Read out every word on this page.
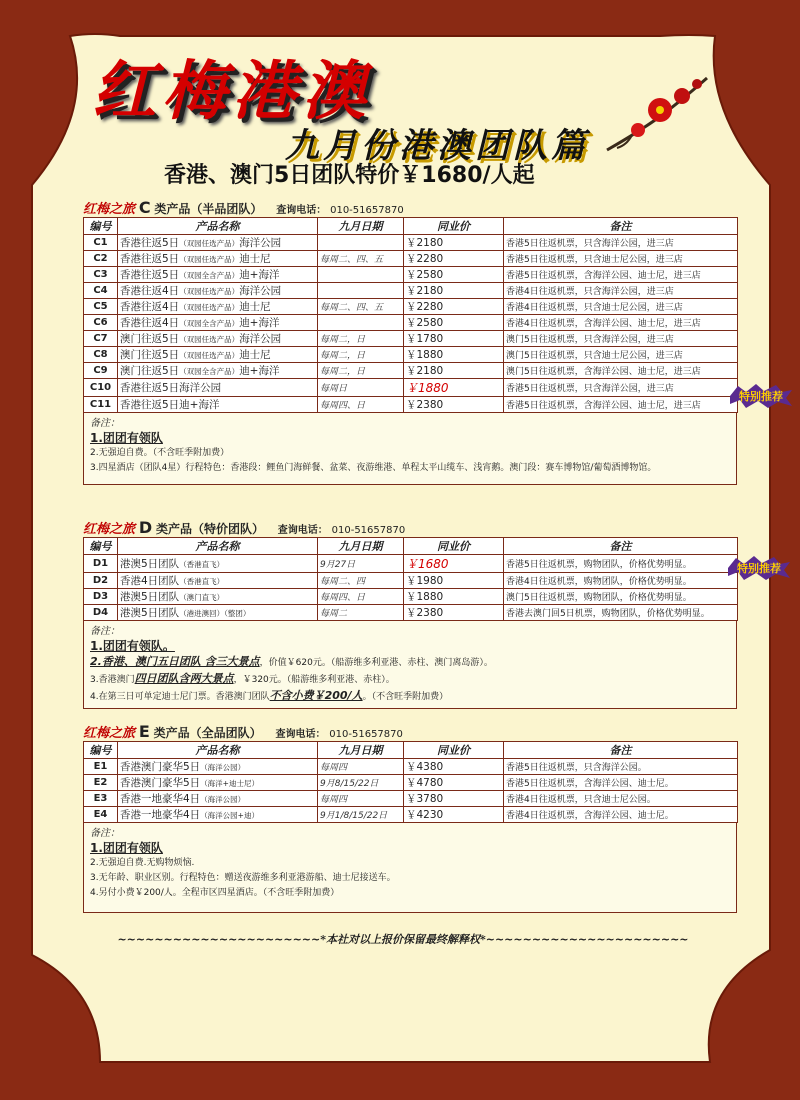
红梅港澳
九月份港澳团队篇
香港、澳门5日团队特价￥1680/人起
红梅之旅 C 类产品（半品团队） 查询电话： 010-51657870
编号	产品名称	九月日期	同业价	备注
C1	香港往返5日（双园任选产品）海洋公园		￥2180	香港5日往返机票，只含海洋公园，进三店
C2	香港往返5日（双园任选产品）迪士尼	每周二、四、五	￥2280	香港5日往返机票，只含迪士尼公园，进三店
C3	香港往返5日（双园全含产品）迪+海洋		￥2580	香港5日往返机票，含海洋公园、迪士尼，进三店
C4	香港往返4日（双园任选产品）海洋公园		￥2180	香港4日往返机票，只含海洋公园，进三店
C5	香港往返4日（双园任选产品）迪士尼	每周二、四、五	￥2280	香港4日往返机票，只含迪士尼公园，进三店
C6	香港往返4日（双园全含产品）迪+海洋		￥2580	香港4日往返机票，含海洋公园、迪士尼，进三店
C7	澳门往返5日（双园任选产品）海洋公园	每周二，日	￥1780	澳门5日往返机票，只含海洋公园，进三店
C8	澳门往返5日（双园任选产品）迪士尼	每周二，日	￥1880	澳门5日往返机票，只含迪士尼公园，进三店
C9	澳门往返5日（双园全含产品）迪+海洋	每周二，日	￥2180	澳门5日往返机票，含海洋公园、迪士尼，进三店
C10	香港往返5日海洋公园	每周日	￥1880	香港5日往返机票，只含海洋公园，进三店
C11	香港往返5日迪+海洋	每周四、日	￥2380	香港5日往返机票，含海洋公园、迪士尼，进三店
备注：
1.团团有领队
2.无强迫自费。（不含旺季附加费）
3.四星酒店（团队4星）行程特色：香港段：鲤鱼门海鲜餐、盆菜、夜游维港、单程太平山缆车、浅宵鹅。澳门段：赛车博物馆/葡萄酒博物馆。
红梅之旅 D 类产品（特价团队） 查询电话： 010-51657870
编号	产品名称	九月日期	同业价	备注
D1	港澳5日团队（香港直飞）	9月27日	￥1680	香港5日往返机票，购物团队，价格优势明显。
D2	香港4日团队（香港直飞）	每周二、四	￥1980	香港4日往返机票，购物团队，价格优势明显。
D3	港澳5日团队（澳门直飞）	每周四、日	￥1880	澳门5日往返机票，购物团队，价格优势明显。
D4	港澳5日团队（港进澳回）（整团）	每周二	￥2380	香港去澳门回5日机票，购物团队，价格优势明显。
备注：
1.团团有领队。
2.香港、澳门五日团队 含三大景点，价值￥620元。（船游维多利亚港、赤柱、澳门离岛游）。
3.香港澳门四日团队含两大景点，￥320元。（船游维多利亚港、赤柱）。
4.在第三日可单定迪士尼门票。香港澳门团队不含小费￥200/人。（不含旺季附加费）
红梅之旅 E 类产品（全品团队） 查询电话： 010-51657870
编号	产品名称	九月日期	同业价	备注
E1	香港澳门豪华5日（海洋公园）	每周四	￥4380	香港5日往返机票，只含海洋公园。
E2	香港澳门豪华5日（海洋+迪士尼）	9月8/15/22日	￥4780	香港5日往返机票，含海洋公园、迪士尼。
E3	香港一地豪华4日（海洋公园）	每周四	￥3780	香港4日往返机票，只含迪士尼公园。
E4	香港一地豪华4日（海洋公园+迪）	9月1/8/15/22日	￥4230	香港4日往返机票，含海洋公园、迪士尼。
备注：
1.团团有领队
2.无强迫自费.无购物烦恼.
3.无年龄、职业区别。行程特色：赠送夜游维多利亚港游船、迪士尼接送车。
4.另付小费￥200/人。全程市区四星酒店。（不含旺季附加费）
特别推荐
特别推荐
~~~~~~~~~~~~~~~~~~~~~~*本社对以上报价保留最终解释权*~~~~~~~~~~~~~~~~~~~~~~
